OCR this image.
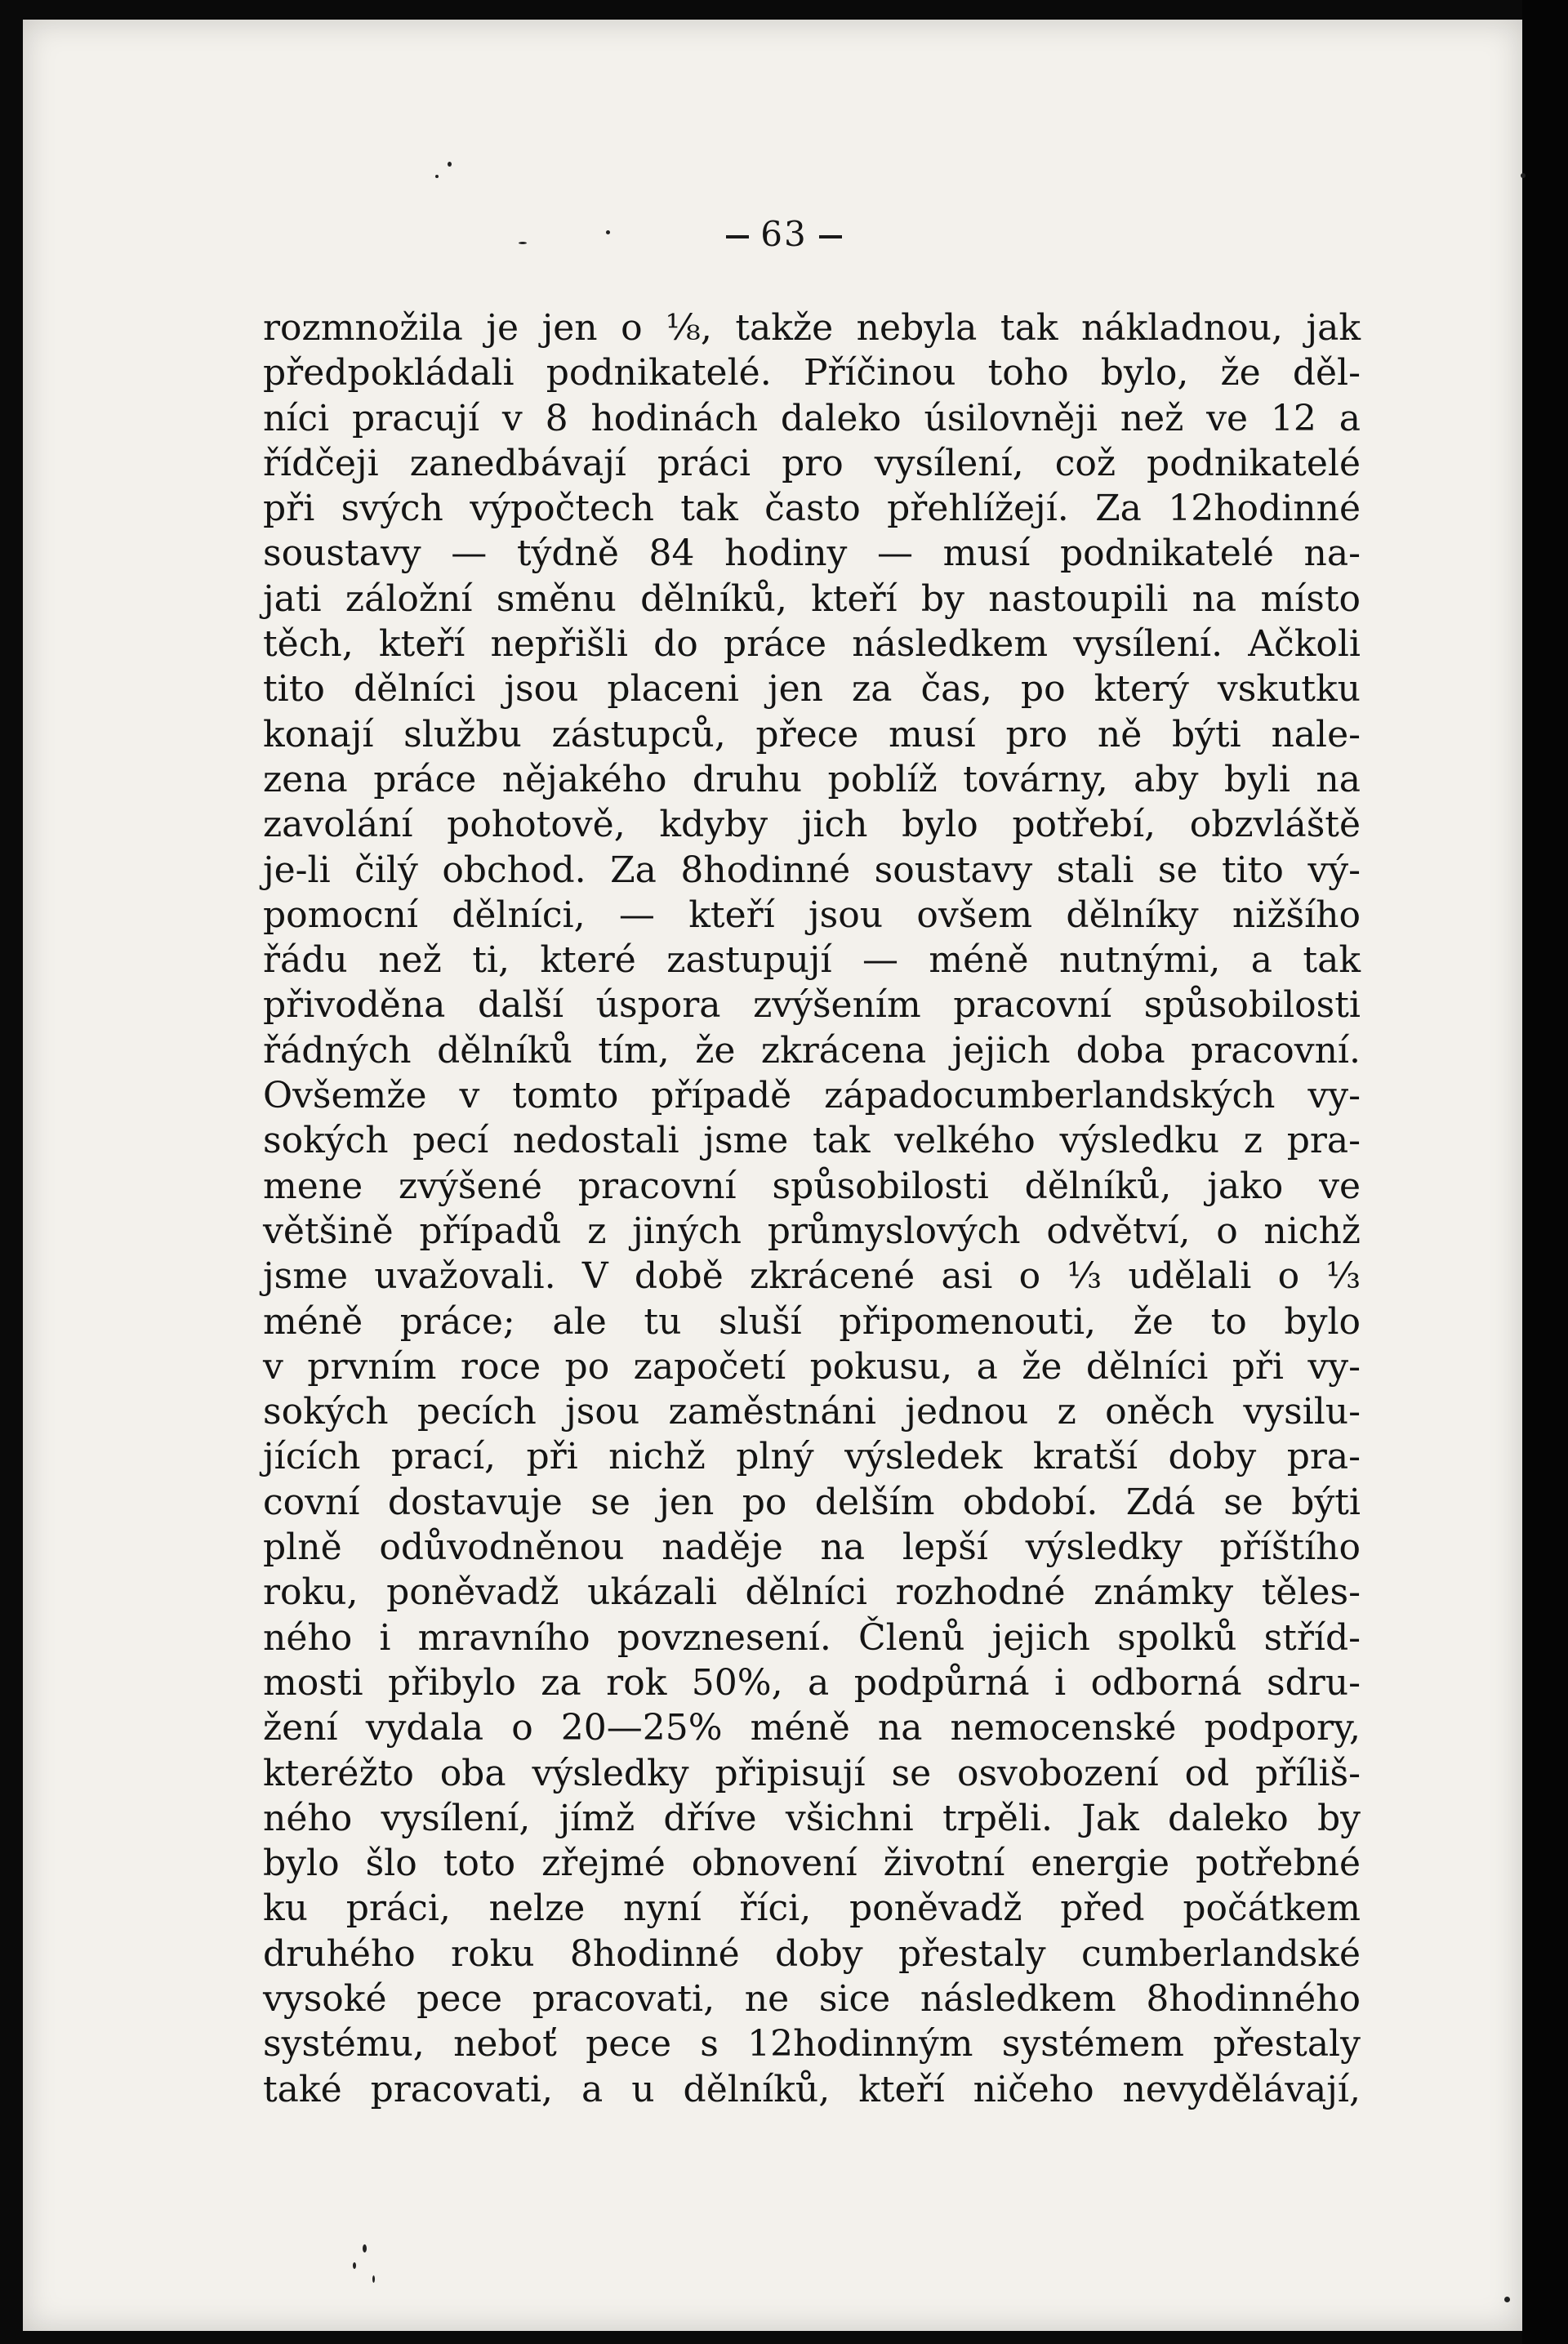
63
rozmnožila je jen o ⅛, takže nebyla tak nákladnou, jak
předpokládali podnikatelé. Příčinou toho bylo, že děl-
níci pracují v 8 hodinách daleko úsilovněji než ve 12 a
řídčeji zanedbávají práci pro vysílení, což podnikatelé
při svých výpočtech tak často přehlížejí. Za 12hodinné
soustavy — týdně 84 hodiny — musí podnikatelé na-
jati záložní směnu dělníků, kteří by nastoupili na místo
těch, kteří nepřišli do práce následkem vysílení. Ačkoli
tito dělníci jsou placeni jen za čas, po který vskutku
konají službu zástupců, přece musí pro ně býti nale-
zena práce nějakého druhu poblíž továrny, aby byli na
zavolání pohotově, kdyby jich bylo potřebí, obzvláště
je-li čilý obchod. Za 8hodinné soustavy stali se tito vý-
pomocní dělníci, — kteří jsou ovšem dělníky nižšího
řádu než ti, které zastupují — méně nutnými, a tak
přivoděna další úspora zvýšením pracovní spůsobilosti
řádných dělníků tím, že zkrácena jejich doba pracovní.
Ovšemže v tomto případě západocumberlandských vy-
sokých pecí nedostali jsme tak velkého výsledku z pra-
mene zvýšené pracovní spůsobilosti dělníků, jako ve
většině případů z jiných průmyslových odvětví, o nichž
jsme uvažovali. V době zkrácené asi o ⅓ udělali o ⅓
méně práce; ale tu sluší připomenouti, že to bylo
v prvním roce po započetí pokusu, a že dělníci při vy-
sokých pecích jsou zaměstnáni jednou z oněch vysilu-
jících prací, při nichž plný výsledek kratší doby pra-
covní dostavuje se jen po delším období. Zdá se býti
plně odůvodněnou naděje na lepší výsledky příštího
roku, poněvadž ukázali dělníci rozhodné známky těles-
ného i mravního povznesení. Členů jejich spolků stříd-
mosti přibylo za rok 50%, a podpůrná i odborná sdru-
žení vydala o 20—25% méně na nemocenské podpory,
kteréžto oba výsledky připisují se osvobození od příliš-
ného vysílení, jímž dříve všichni trpěli. Jak daleko by
bylo šlo toto zřejmé obnovení životní energie potřebné
ku práci, nelze nyní říci, poněvadž před počátkem
druhého roku 8hodinné doby přestaly cumberlandské
vysoké pece pracovati, ne sice následkem 8hodinného
systému, neboť pece s 12hodinným systémem přestaly
také pracovati, a u dělníků, kteří ničeho nevydělávají,
